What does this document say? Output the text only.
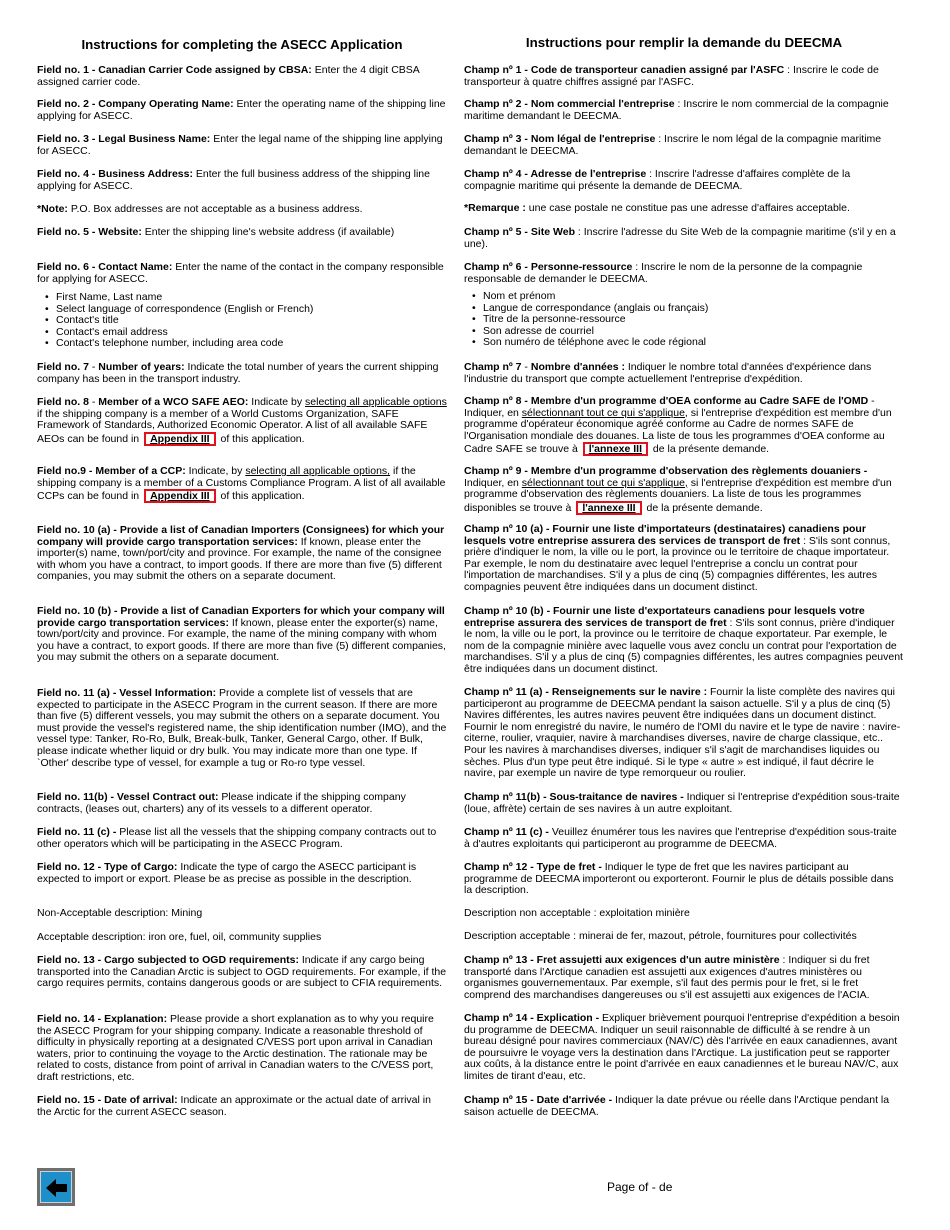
Instructions for completing the ASECC Application

Field no. 1 - Canadian Carrier Code assigned by CBSA: Enter the 4 digit CBSA assigned carrier code.

Field no. 2 - Company Operating Name: Enter the operating name of the shipping line applying for ASECC.

Field no. 3 - Legal Business Name: Enter the legal name of the shipping line applying for ASECC.

Field no. 4 - Business Address: Enter the full business address of the shipping line applying for ASECC.

*Note: P.O. Box addresses are not acceptable as a business address.

Field no. 5 - Website: Enter the shipping line's website address (if available)

Field no. 6 - Contact Name: Enter the name of the contact in the company responsible for applying for ASECC.

• First Name, Last name
• Select language of correspondence (English or French)
• Contact's title
• Contact's email address
• Contact's telephone number, including area code

Field no. 7 - Number of years: Indicate the total number of years the current shipping company has been in the transport industry.

Field no. 8 - Member of a WCO SAFE AEO: Indicate by selecting all applicable options if the shipping company is a member of a World Customs Organization, SAFE Framework of Standards, Authorized Economic Operator. A list of all available SAFE AEOs can be found in Appendix III of this application.

Field no.9 - Member of a CCP: Indicate, by selecting all applicable options, if the shipping company is a member of a Customs Compliance Program. A list of all available CCPs can be found in Appendix III of this application.

Field no. 10 (a) - Provide a list of Canadian Importers (Consignees) for which your company will provide cargo transportation services: If known, please enter the importer(s) name, town/port/city and province. For example, the name of the consignee with whom you have a contract, to import goods. If there are more than five (5) different companies, you may submit the others on a separate document.

Field no. 10 (b) - Provide a list of Canadian Exporters for which your company will provide cargo transportation services: If known, please enter the exporter(s) name, town/port/city and province. For example, the name of the mining company with whom you have a contract, to export goods. If there are more than five (5) different companies, you may submit the others on a separate document.

Field no. 11 (a) - Vessel Information: Provide a complete list of vessels that are expected to participate in the ASECC Program in the current season. If there are more than five (5) different vessels, you may submit the others on a separate document. You must provide the vessel's registered name, the ship identification number (IMO), and the vessel type: Tanker, Ro-Ro, Bulk, Break-bulk, Tanker, General Cargo, other. If Bulk, please indicate whether liquid or dry bulk. You may indicate more than one type. If `Other' describe type of vessel, for example a tug or Ro-ro type vessel.

Field no. 11(b) - Vessel Contract out: Please indicate if the shipping company contracts, (leases out, charters) any of its vessels to a different operator.

Field no. 11 (c) - Please list all the vessels that the shipping company contracts out to other operators which will be participating in the ASECC Program.

Field no. 12 - Type of Cargo: Indicate the type of cargo the ASECC participant is expected to import or export. Please be as precise as possible in the description.

Non-Acceptable description: Mining

Acceptable description: iron ore, fuel, oil, community supplies

Field no. 13 - Cargo subjected to OGD requirements: Indicate if any cargo being transported into the Canadian Arctic is subject to OGD requirements. For example, if the cargo requires permits, contains dangerous goods or are subject to CFIA requirements.

Field no. 14 - Explanation: Please provide a short explanation as to why you require the ASECC Program for your shipping company. Indicate a reasonable threshold of difficulty in physically reporting at a designated C/VESS port upon arrival in Canadian waters, prior to continuing the voyage to the Arctic destination. The rationale may be related to costs, distance from point of arrival in Canadian waters to the C/VESS port, draft restrictions, etc.

Field no. 15 - Date of arrival: Indicate an approximate or the actual date of arrival in the Arctic for the current ASECC season.

Instructions pour remplir la demande du DEECMA

Champ nº 1 - Code de transporteur canadien assigné par l'ASFC : Inscrire le code de transporteur à quatre chiffres assigné par l'ASFC.

Champ nº 2 - Nom commercial l'entreprise : Inscrire le nom commercial de la compagnie maritime demandant le DEECMA.

Champ nº 3 - Nom légal de l'entreprise : Inscrire le nom légal de la compagnie maritime demandant le DEECMA.

Champ nº 4 - Adresse de l'entreprise : Inscrire l'adresse d'affaires complète de la compagnie maritime qui présente la demande de DEECMA.

*Remarque : une case postale ne constitue pas une adresse d'affaires acceptable.

Champ nº 5 - Site Web : Inscrire l'adresse du Site Web de la compagnie maritime (s'il y en a une).

Champ nº 6 - Personne-ressource : Inscrire le nom de la personne de la compagnie responsable de demander le DEECMA.

• Nom et prénom
• Langue de correspondance (anglais ou français)
• Titre de la personne-ressource
• Son adresse de courriel
• Son numéro de téléphone avec le code régional

Champ nº 7 - Nombre d'années : Indiquer le nombre total d'années d'expérience dans l'industrie du transport que compte actuellement l'entreprise d'expédition.

Champ nº 8 - Membre d'un programme d'OEA conforme au Cadre SAFE de l'OMD - Indiquer, en sélectionnant tout ce qui s'applique, si l'entreprise d'expédition est membre d'un programme d'opérateur économique agréé conforme au Cadre de normes SAFE de l'Organisation mondiale des douanes. La liste de tous les programmes d'OEA conforme au Cadre SAFE se trouve à l'annexe III de la présente demande.

Champ nº 9 - Membre d'un programme d'observation des règlements douaniers - Indiquer, en sélectionnant tout ce qui s'applique, si l'entreprise d'expédition est membre d'un programme d'observation des règlements douaniers. La liste de tous les programmes disponibles se trouve à l'annexe III de la présente demande.

Champ nº 10 (a) - Fournir une liste d'importateurs (destinataires) canadiens pour lesquels votre entreprise assurera des services de transport de fret : S'ils sont connus, prière d'indiquer le nom, la ville ou le port, la province ou le territoire de chaque importateur. Par exemple, le nom du destinataire avec lequel l'entreprise a conclu un contrat pour l'importation de marchandises. S'il y a plus de cinq (5) compagnies différentes, les autres compagnies peuvent être indiquées dans un document distinct.

Champ nº 10 (b) - Fournir une liste d'exportateurs canadiens pour lesquels votre entreprise assurera des services de transport de fret : S'ils sont connus, prière d'indiquer le nom, la ville ou le port, la province ou le territoire de chaque exportateur. Par exemple, le nom de la compagnie minière avec laquelle vous avez conclu un contrat pour l'exportation de marchandises. S'il y a plus de cinq (5) compagnies différentes, les autres compagnies peuvent être indiquées dans un document distinct.

Champ nº 11 (a) - Renseignements sur le navire : Fournir la liste complète des navires qui participeront au programme de DEECMA pendant la saison actuelle. S'il y a plus de cinq (5) Navires différentes, les autres navires peuvent être indiquées dans un document distinct. Fournir le nom enregistré du navire, le numéro de l'OMI du navire et le type de navire : navire-citerne, roulier, vraquier, navire à marchandises diverses, navire de charge classique, etc.. Pour les navires à marchandises diverses, indiquer s'il s'agit de marchandises liquides ou sèches. Plus d'un type peut être indiqué. Si le type « autre » est indiqué, il faut décrire le navire, par exemple un navire de type remorqueur ou roulier.

Champ nº 11(b) - Sous-traitance de navires - Indiquer si l'entreprise d'expédition sous-traite (loue, affrète) certain de ses navires à un autre exploitant.

Champ nº 11 (c) - Veuillez énumérer tous les navires que l'entreprise d'expédition sous-traite à d'autres exploitants qui participeront au programme de DEECMA.

Champ nº 12 - Type de fret - Indiquer le type de fret que les navires participant au programme de DEECMA importeront ou exporteront. Fournir le plus de détails possible dans la description.

Description non acceptable : exploitation minière

Description acceptable : minerai de fer, mazout, pétrole, fournitures pour collectivités

Champ nº 13 - Fret assujetti aux exigences d'un autre ministère : Indiquer si du fret transporté dans l'Arctique canadien est assujetti aux exigences d'autres ministères ou organismes gouvernementaux. Par exemple, s'il faut des permis pour le fret, si le fret comprend des marchandises dangereuses ou s'il est assujetti aux exigences de l'ACIA.

Champ nº 14 - Explication - Expliquer brièvement pourquoi l'entreprise d'expédition a besoin du programme de DEECMA. Indiquer un seuil raisonnable de difficulté à se rendre à un bureau désigné pour navires commerciaux (NAV/C) dès l'arrivée en eaux canadiennes, avant de poursuivre le voyage vers la destination dans l'Arctique. La justification peut se rapporter aux coûts, à la distance entre le point d'arrivée en eaux canadiennes et le bureau NAV/C, aux limites de tirant d'eau, etc.

Champ nº 15 - Date d'arrivée - Indiquer la date prévue ou réelle dans l'Arctique pendant la saison actuelle de DEECMA.

Page of - de
